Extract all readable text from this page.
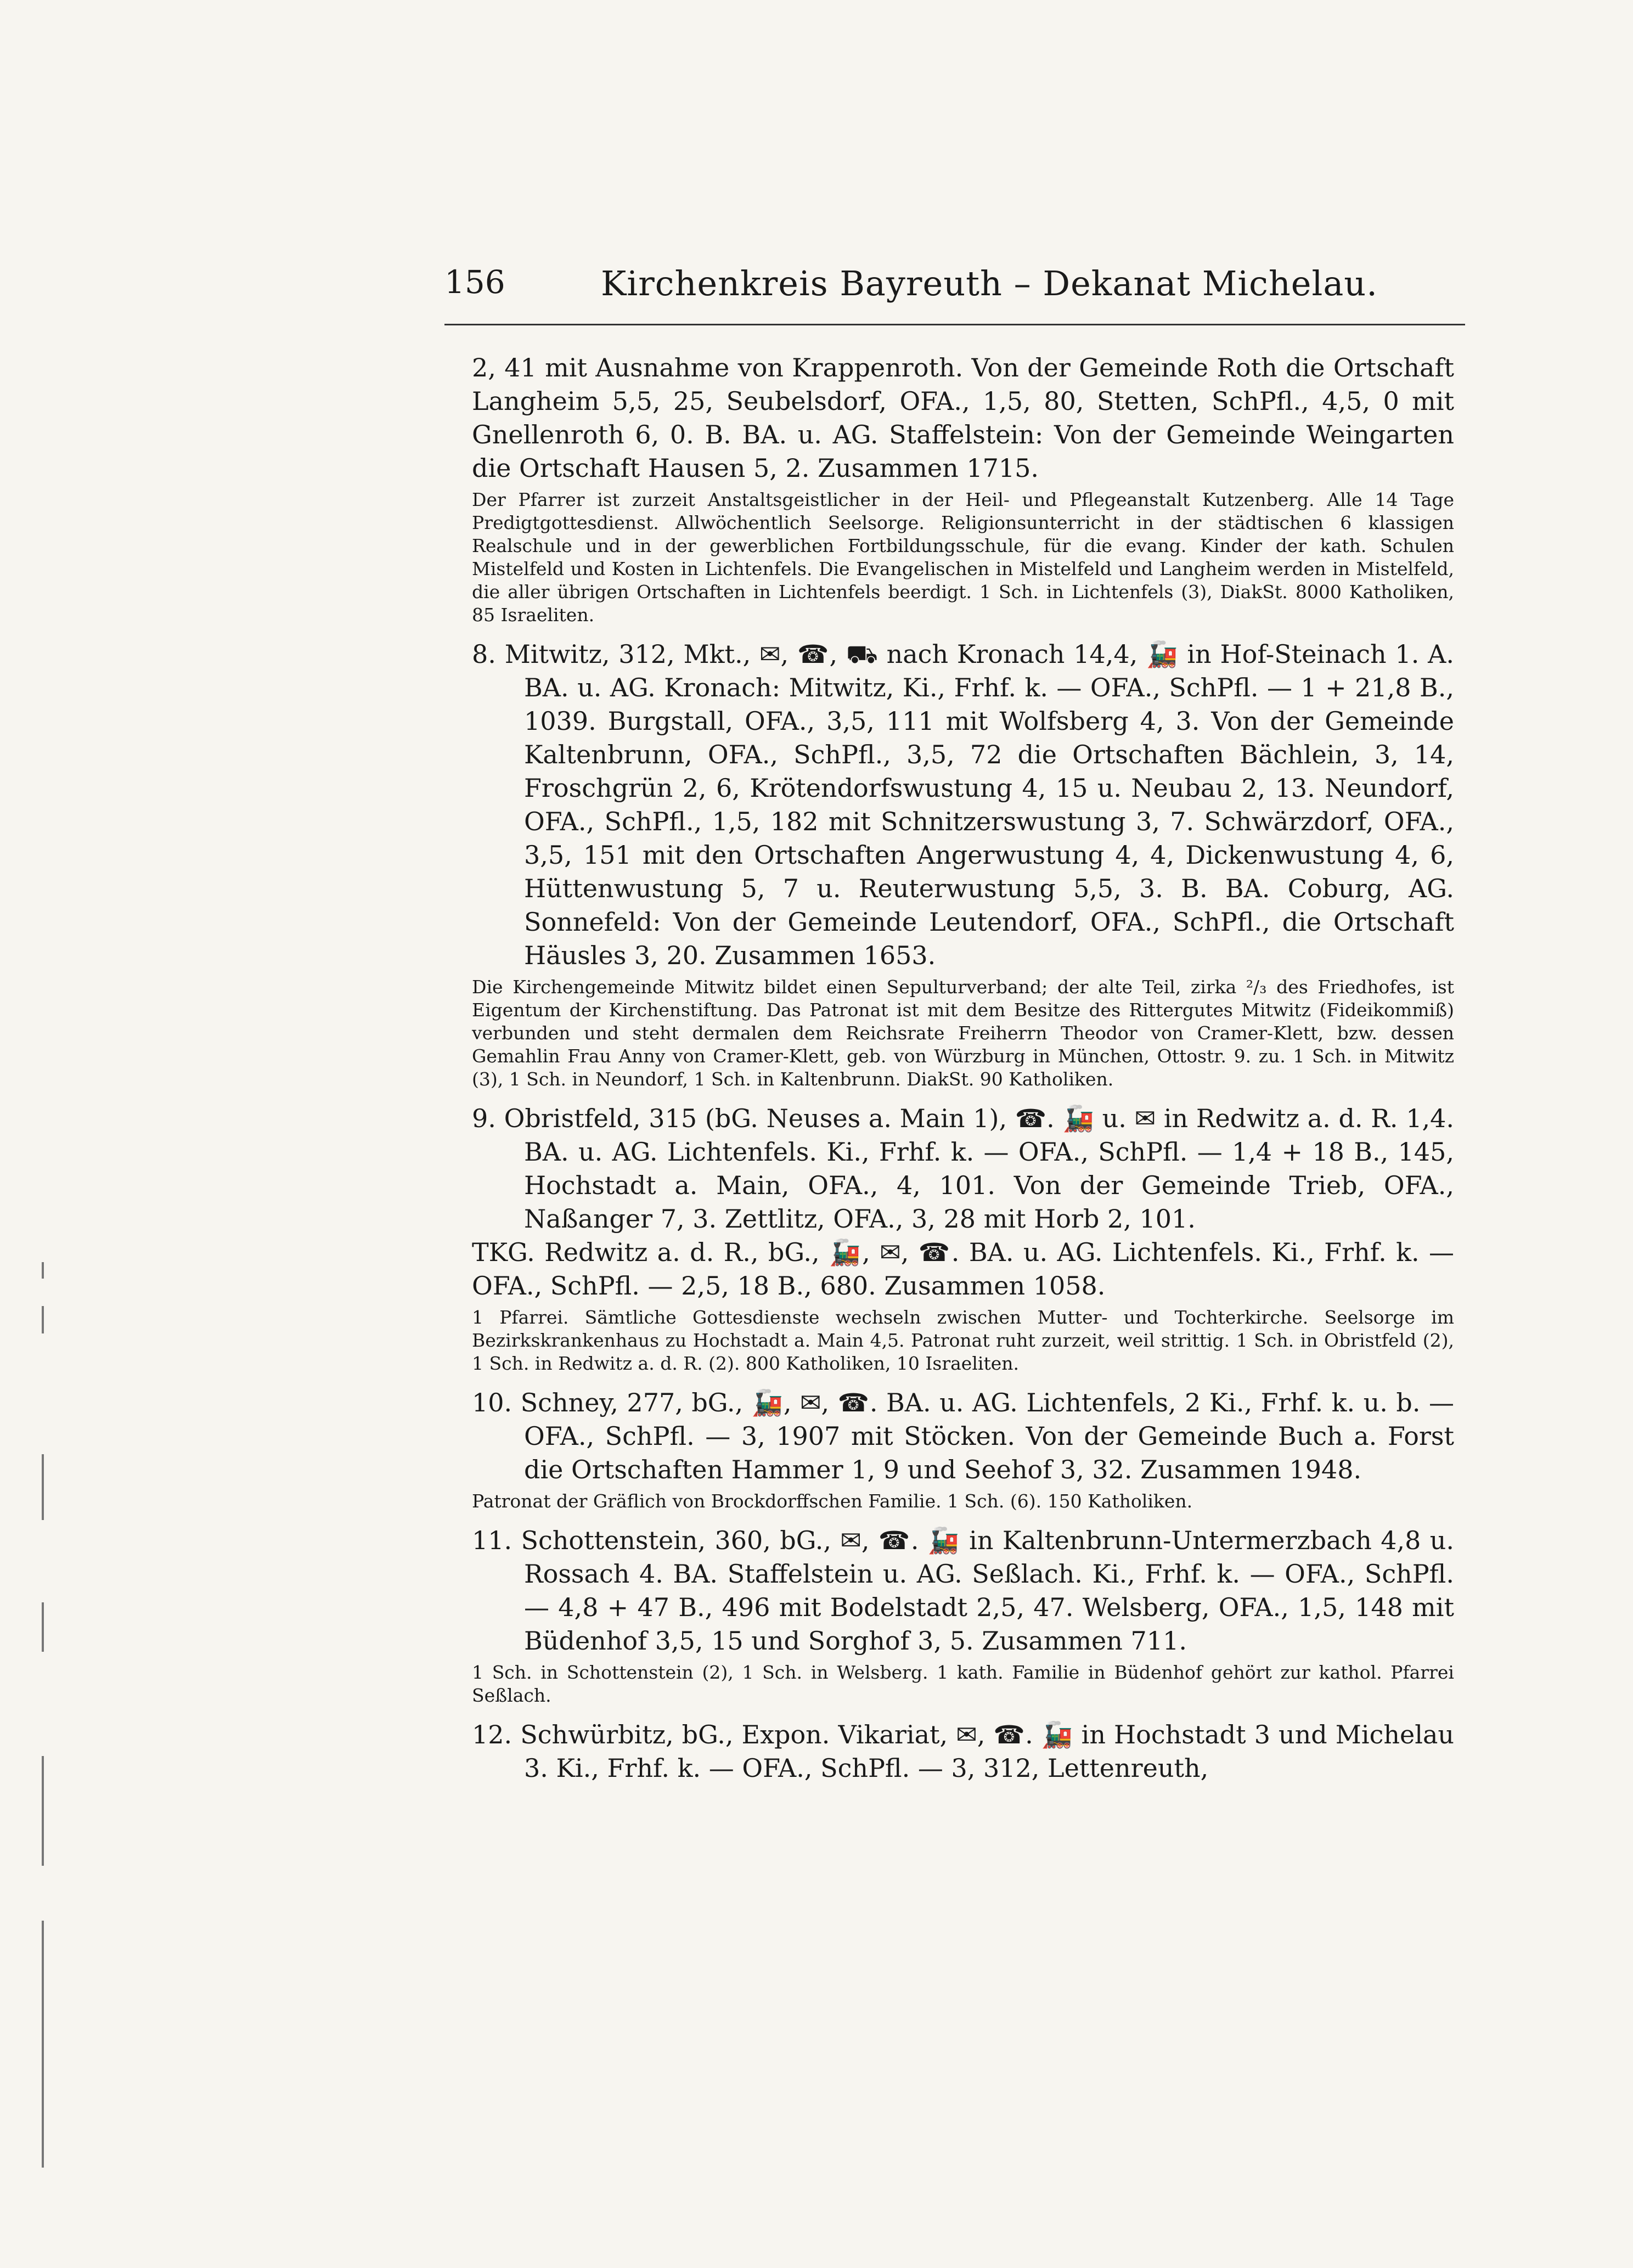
156	Kirchenkreis Bayreuth – Dekanat Michelau.

2, 41 mit Ausnahme von Krappenroth. Von der Gemeinde Roth die Ortschaft Langheim 5,5, 25, Seubelsdorf, OFA., 1,5, 80, Stetten, SchPfl., 4,5, 0 mit Gnellenroth 6, 0. B. BA. u. AG. Staffelstein: Von der Gemeinde Weingarten die Ortschaft Hausen 5, 2. Zusammen 1715.

Der Pfarrer ist zurzeit Anstaltsgeistlicher in der Heil- und Pflegeanstalt Kutzenberg. Alle 14 Tage Predigtgottesdienst. Allwöchentlich Seelsorge. Religionsunterricht in der städtischen 6 klassigen Realschule und in der gewerblichen Fortbildungsschule, für die evang. Kinder der kath. Schulen Mistelfeld und Kosten in Lichtenfels. Die Evangelischen in Mistelfeld und Langheim werden in Mistelfeld, die aller übrigen Ortschaften in Lichtenfels beerdigt. 1 Sch. in Lichtenfels (3), DiakSt. 8000 Katholiken, 85 Israeliten.

8. Mitwitz, 312, Mkt., ✉, ☎, ⛟ nach Kronach 14,4, 🚂 in Hof-Steinach 1. A. BA. u. AG. Kronach: Mitwitz, Ki., Frhf. k. — OFA., SchPfl. — 1 + 21,8 B., 1039. Burgstall, OFA., 3,5, 111 mit Wolfsberg 4, 3. Von der Gemeinde Kaltenbrunn, OFA., SchPfl., 3,5, 72 die Ortschaften Bächlein, 3, 14, Froschgrün 2, 6, Krötendorfswustung 4, 15 u. Neubau 2, 13. Neundorf, OFA., SchPfl., 1,5, 182 mit Schnitzerswustung 3, 7. Schwärzdorf, OFA., 3,5, 151 mit den Ortschaften Angerwustung 4, 4, Dickenwustung 4, 6, Hüttenwustung 5, 7 u. Reuterwustung 5,5, 3. B. BA. Coburg, AG. Sonnefeld: Von der Gemeinde Leutendorf, OFA., SchPfl., die Ortschaft Häusles 3, 20. Zusammen 1653.

Die Kirchengemeinde Mitwitz bildet einen Sepulturverband; der alte Teil, zirka ²/₃ des Friedhofes, ist Eigentum der Kirchenstiftung. Das Patronat ist mit dem Besitze des Rittergutes Mitwitz (Fideikommiß) verbunden und steht dermalen dem Reichsrate Freiherrn Theodor von Cramer-Klett, bzw. dessen Gemahlin Frau Anny von Cramer-Klett, geb. von Würzburg in München, Ottostr. 9. zu. 1 Sch. in Mitwitz (3), 1 Sch. in Neundorf, 1 Sch. in Kaltenbrunn. DiakSt. 90 Katholiken.

9. Obristfeld, 315 (bG. Neuses a. Main 1), ☎. 🚂 u. ✉ in Redwitz a. d. R. 1,4. BA. u. AG. Lichtenfels. Ki., Frhf. k. — OFA., SchPfl. — 1,4 + 18 B., 145, Hochstadt a. Main, OFA., 4, 101. Von der Gemeinde Trieb, OFA., Naßanger 7, 3. Zettlitz, OFA., 3, 28 mit Horb 2, 101.

TKG. Redwitz a. d. R., bG., 🚂, ✉, ☎. BA. u. AG. Lichtenfels. Ki., Frhf. k. — OFA., SchPfl. — 2,5, 18 B., 680. Zusammen 1058.

1 Pfarrei. Sämtliche Gottesdienste wechseln zwischen Mutter- und Tochterkirche. Seelsorge im Bezirkskrankenhaus zu Hochstadt a. Main 4,5. Patronat ruht zurzeit, weil strittig. 1 Sch. in Obristfeld (2), 1 Sch. in Redwitz a. d. R. (2). 800 Katholiken, 10 Israeliten.

10. Schney, 277, bG., 🚂, ✉, ☎. BA. u. AG. Lichtenfels, 2 Ki., Frhf. k. u. b. — OFA., SchPfl. — 3, 1907 mit Stöcken. Von der Gemeinde Buch a. Forst die Ortschaften Hammer 1, 9 und Seehof 3, 32. Zusammen 1948.

Patronat der Gräflich von Brockdorffschen Familie. 1 Sch. (6). 150 Katholiken.

11. Schottenstein, 360, bG., ✉, ☎. 🚂 in Kaltenbrunn-Untermerzbach 4,8 u. Rossach 4. BA. Staffelstein u. AG. Seßlach. Ki., Frhf. k. — OFA., SchPfl. — 4,8 + 47 B., 496 mit Bodelstadt 2,5, 47. Welsberg, OFA., 1,5, 148 mit Büdenhof 3,5, 15 und Sorghof 3, 5. Zusammen 711.

1 Sch. in Schottenstein (2), 1 Sch. in Welsberg. 1 kath. Familie in Büdenhof gehört zur kathol. Pfarrei Seßlach.

12. Schwürbitz, bG., Expon. Vikariat, ✉, ☎. 🚂 in Hochstadt 3 und Michelau 3. Ki., Frhf. k. — OFA., SchPfl. — 3, 312, Lettenreuth,
